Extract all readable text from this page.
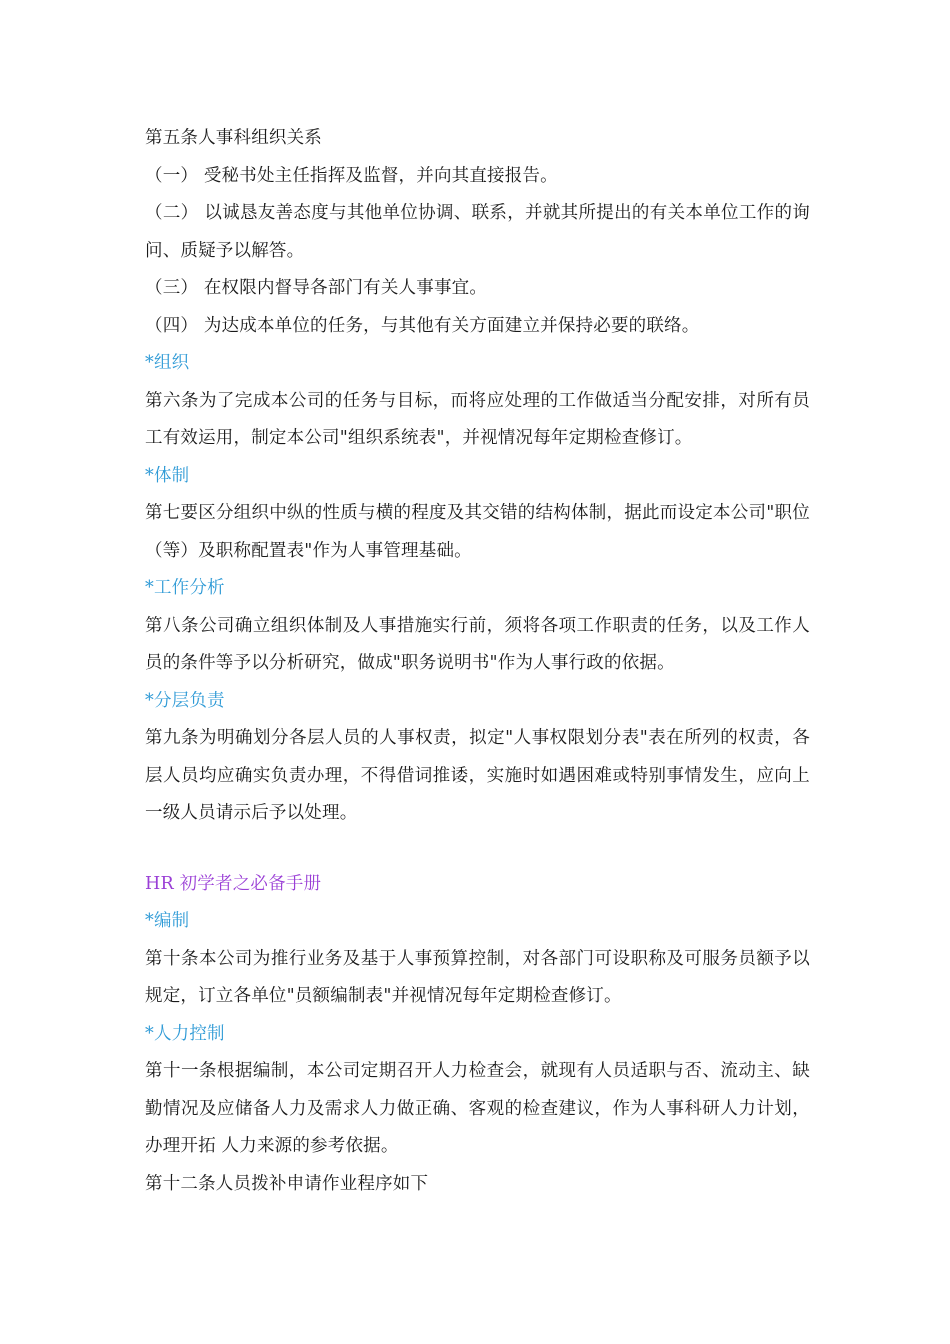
第五条人事科组织关系
（一） 受秘书处主任指挥及监督，并向其直接报告。
（二） 以诚恳友善态度与其他单位协调、联系，并就其所提出的有关本单位工作的询问、质疑予以解答。
（三） 在权限内督导各部门有关人事事宜。
（四） 为达成本单位的任务，与其他有关方面建立并保持必要的联络。
*组织
第六条为了完成本公司的任务与目标，而将应处理的工作做适当分配安排，对所有员工有效运用，制定本公司"组织系统表"，并视情况每年定期检查修订。
*体制
第七要区分组织中纵的性质与横的程度及其交错的结构体制，据此而设定本公司"职位（等）及职称配置表"作为人事管理基础。
*工作分析
第八条公司确立组织体制及人事措施实行前，须将各项工作职责的任务，以及工作人员的条件等予以分析研究，做成"职务说明书"作为人事行政的依据。
*分层负责
第九条为明确划分各层人员的人事权责，拟定"人事权限划分表"表在所列的权责，各层人员均应确实负责办理，不得借词推诿，实施时如遇困难或特别事情发生，应向上一级人员请示后予以处理。
HR 初学者之必备手册
*编制
第十条本公司为推行业务及基于人事预算控制，对各部门可设职称及可服务员额予以规定，订立各单位"员额编制表"并视情况每年定期检查修订。
*人力控制
第十一条根据编制，本公司定期召开人力检查会，就现有人员适职与否、流动主、缺勤情况及应储备人力及需求人力做正确、客观的检查建议，作为人事科研人力计划，办理开拓 人力来源的参考依据。
第十二条人员拨补申请作业程序如下
